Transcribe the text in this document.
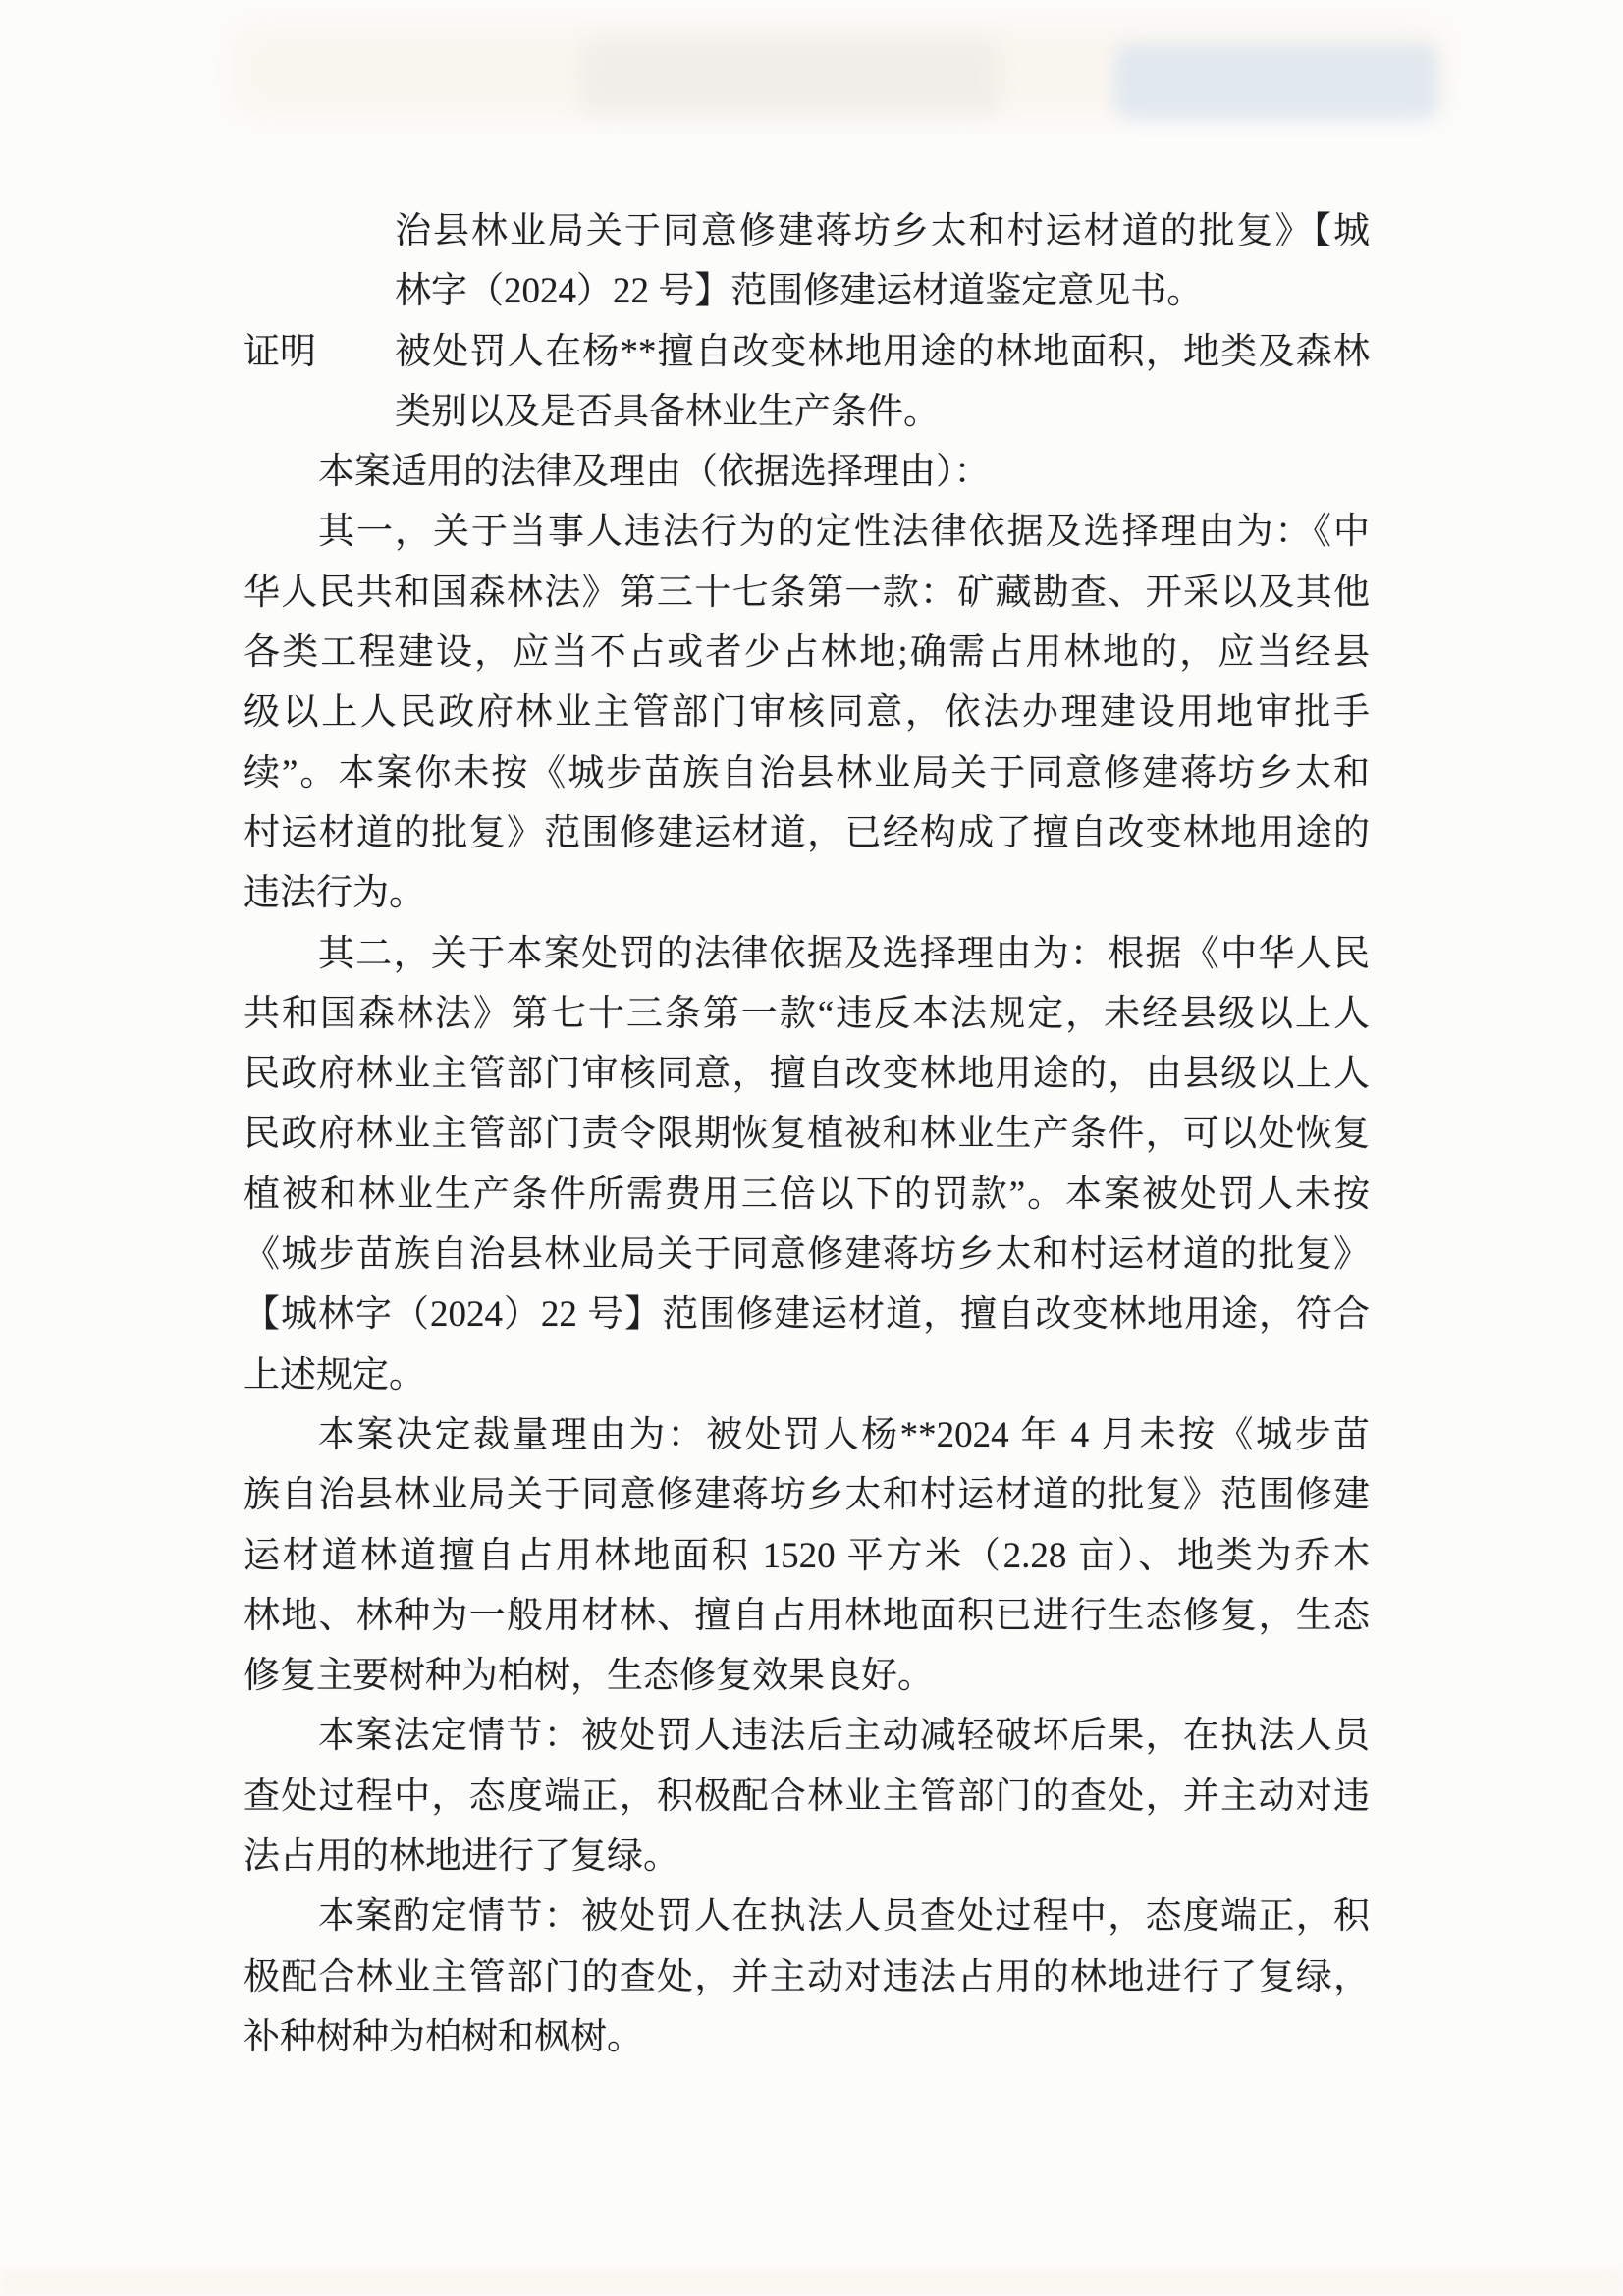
治县林业局关于同意修建蒋坊乡太和村运材道的批复》【城
林字（2024）22 号】范围修建运材道鉴定意见书。
证明 被处罚人在杨**擅自改变林地用途的林地面积，地类及森林
类别以及是否具备林业生产条件。
本案适用的法律及理由（依据选择理由）：
其一，关于当事人违法行为的定性法律依据及选择理由为：《中
华人民共和国森林法》第三十七条第一款：矿藏勘查、开采以及其他
各类工程建设，应当不占或者少占林地;确需占用林地的，应当经县
级以上人民政府林业主管部门审核同意，依法办理建设用地审批手
续”。本案你未按《城步苗族自治县林业局关于同意修建蒋坊乡太和
村运材道的批复》范围修建运材道，已经构成了擅自改变林地用途的
违法行为。
其二，关于本案处罚的法律依据及选择理由为：根据《中华人民
共和国森林法》第七十三条第一款“违反本法规定，未经县级以上人
民政府林业主管部门审核同意，擅自改变林地用途的，由县级以上人
民政府林业主管部门责令限期恢复植被和林业生产条件，可以处恢复
植被和林业生产条件所需费用三倍以下的罚款”。本案被处罚人未按
《城步苗族自治县林业局关于同意修建蒋坊乡太和村运材道的批复》
【城林字（2024）22 号】范围修建运材道，擅自改变林地用途，符合
上述规定。
本案决定裁量理由为：被处罚人杨**2024 年 4 月未按《城步苗
族自治县林业局关于同意修建蒋坊乡太和村运材道的批复》范围修建
运材道林道擅自占用林地面积 1520 平方米（2.28 亩）、地类为乔木
林地、林种为一般用材林、擅自占用林地面积已进行生态修复，生态
修复主要树种为柏树，生态修复效果良好。
本案法定情节：被处罚人违法后主动减轻破坏后果，在执法人员
查处过程中，态度端正，积极配合林业主管部门的查处，并主动对违
法占用的林地进行了复绿。
本案酌定情节：被处罚人在执法人员查处过程中，态度端正，积
极配合林业主管部门的查处，并主动对违法占用的林地进行了复绿，
补种树种为柏树和枫树。
